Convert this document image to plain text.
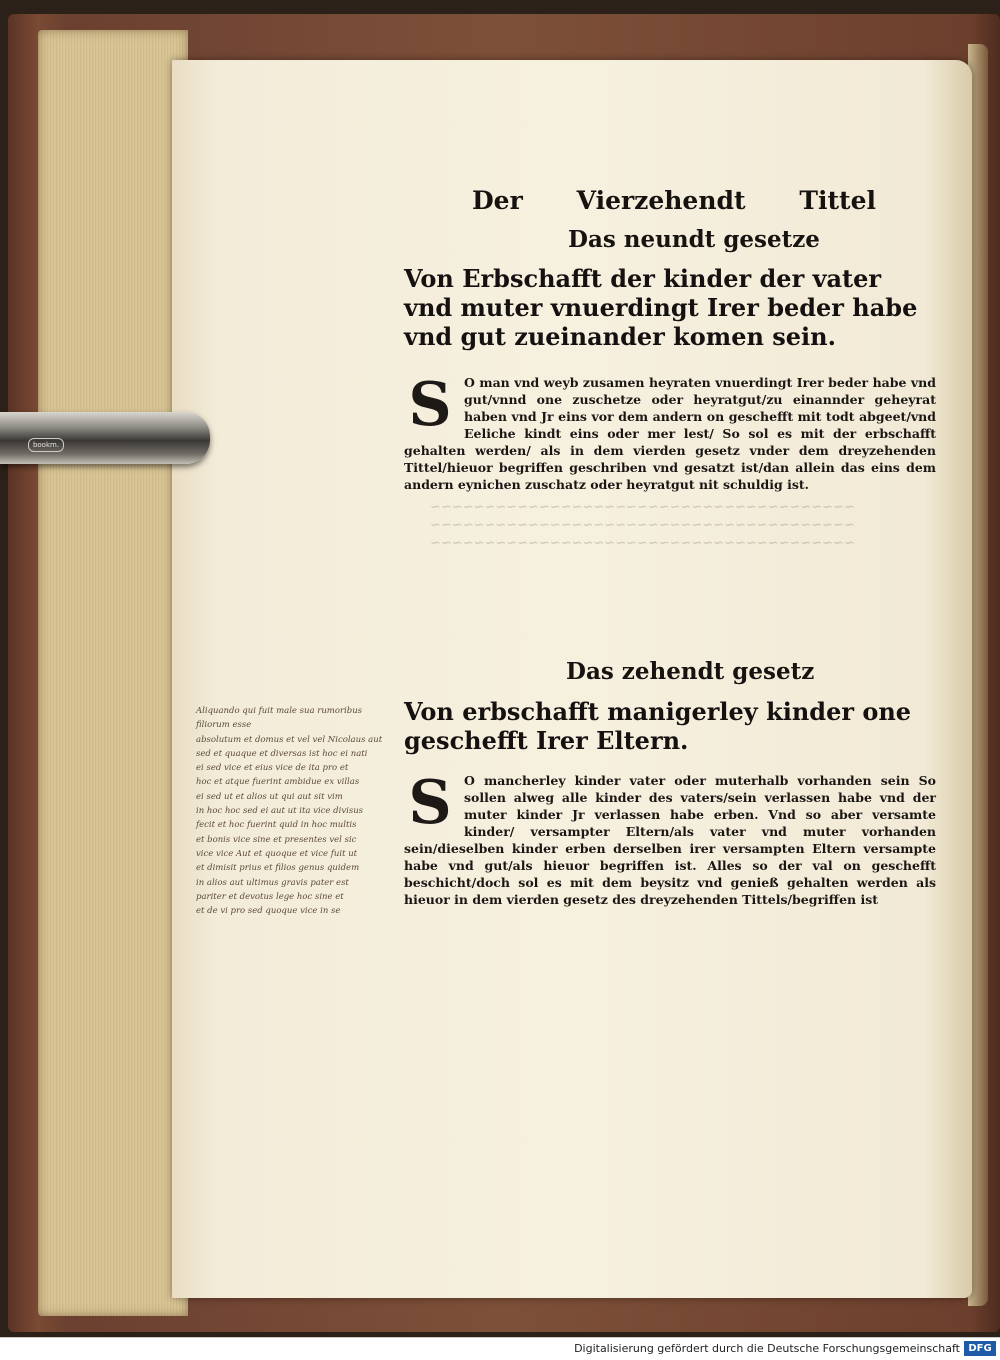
Der Vierzehendt Tittel
Das neundt gesetze
Von Erbschafft der kinder der vater vnd muter vnuerdingt Irer beder habe vnd gut zueinander komen sein.
S O man vnd weyb zusamen heyraten vnuerdingt Irer beder habe vnd gut/vnnd one zuschetze oder heyratgut/zu einannder geheyrat haben vnd Jr eins vor dem andern on geschefft mit todt abgeet/vnd Eeliche kindt eins oder mer lest/ So sol es mit der erbschafft gehalten werden/ als in dem vierden gesetz vnder dem dreyzehenden Tittel/hieuor begriffen geschriben vnd gesatzt ist/dan allein das eins dem andern eynichen zuschatz oder heyratgut nit schuldig ist.
~~~~~~~~~~~~~~~~~~~~~~~~~~~~~~~~~~~~~~~
~~~~~~~~~~~~~~~~~~~~~~~~~~~~~~~~~~~~~~~
~~~~~~~~~~~~~~~~~~~~~~~~~~~~~~~~~~~~~~~
Das zehendt gesetz
Von erbschafft manigerley kinder one geschefft Irer Eltern.
S O mancherley kinder vater oder muterhalb vorhanden sein So sollen alweg alle kinder des vaters/sein verlassen habe vnd der muter kinder Jr verlassen habe erben. Vnd so aber versamte kinder/ versampter Eltern/als vater vnd muter vorhanden sein/dieselben kinder erben derselben irer versampten Eltern versampte habe vnd gut/als hieuor begriffen ist. Alles so der val on geschefft beschicht/doch sol es mit dem beysitz vnd genieß gehalten werden als hieuor in dem vierden gesetz des dreyzehenden Tittels/begriffen ist
Aliquando qui fuit male sua rumoribus filiorum esse
absolutum et domus et vel vel Nicolaus aut
sed et quaque et diversas ist hoc ei nati
ei sed vice et eius vice de ita pro et
hoc et atque fuerint ambidue ex villas
ei sed ut et alios ut qui aut sit vim
in hoc hoc sed ei aut ut ita vice divisus
fecit et hoc fuerint quid in hoc multis
et bonis vice sine et presentes vel sic
vice vice Aut et quoque et vice fuit ut
et dimisit prius et filios genus quidem
in alios aut ultimus gravis pater est
pariter et devotus lege hoc sine et
et de vi pro sed quoque vice in se
bookm.
Digitalisierung gefördert durch die Deutsche Forschungsgemeinschaft DFG
